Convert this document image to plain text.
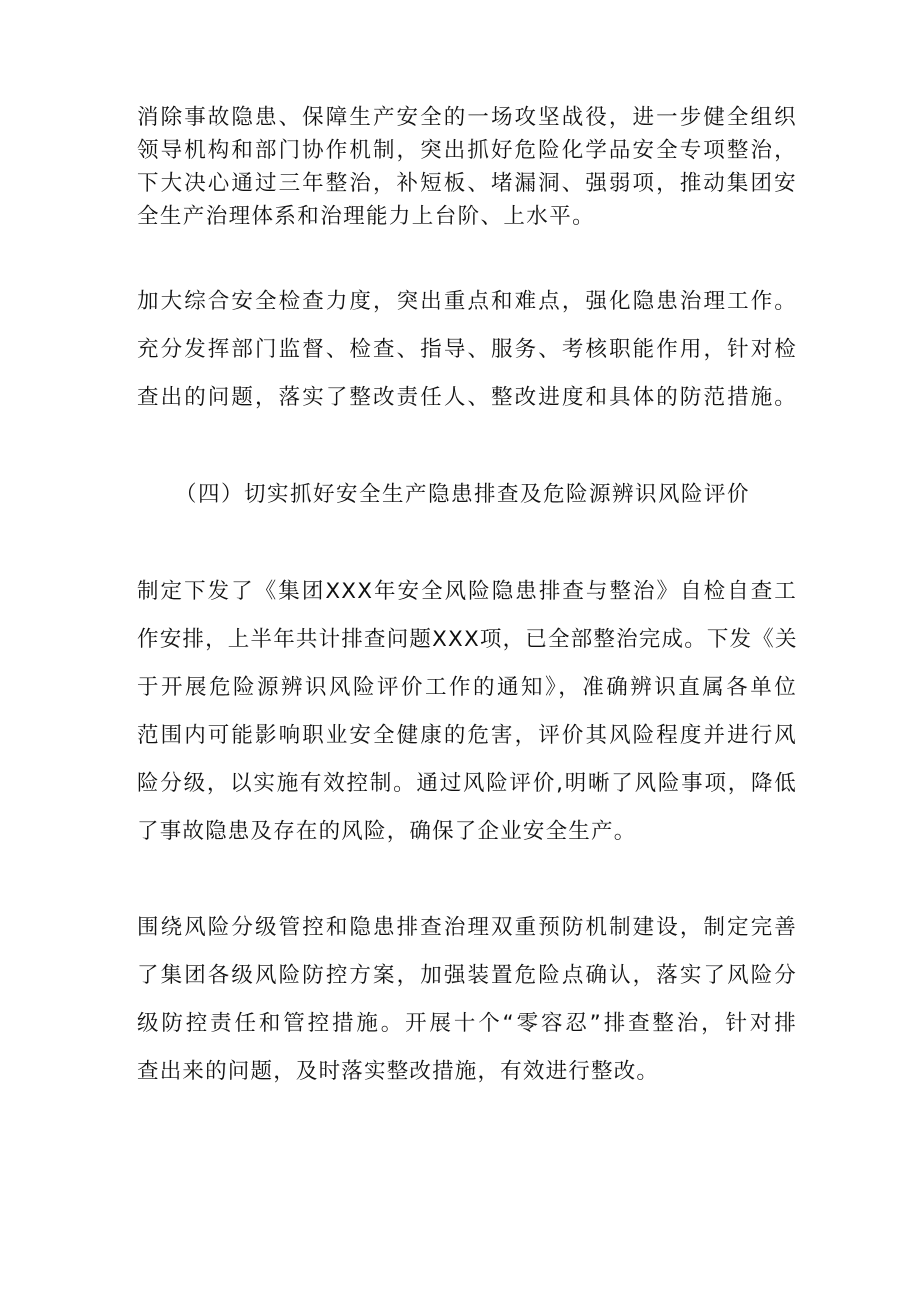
消除事故隐患、保障生产安全的一场攻坚战役，进一步健全组织
领导机构和部门协作机制，突出抓好危险化学品安全专项整治，
下大决心通过三年整治，补短板、堵漏洞、强弱项，推动集团安
全生产治理体系和治理能力上台阶、上水平。
加大综合安全检查力度，突出重点和难点，强化隐患治理工作。
充分发挥部门监督、检查、指导、服务、考核职能作用，针对检
查出的问题，落实了整改责任人、整改进度和具体的防范措施。
（四）切实抓好安全生产隐患排查及危险源辨识风险评价
制定下发了《集团XXX年安全风险隐患排查与整治》自检自查工
作安排，上半年共计排查问题XXX项，已全部整治完成。下发《关
于开展危险源辨识风险评价工作的通知》，准确辨识直属各单位
范围内可能影响职业安全健康的危害，评价其风险程度并进行风
险分级，以实施有效控制。通过风险评价,明晰了风险事项，降低
了事故隐患及存在的风险，确保了企业安全生产。
围绕风险分级管控和隐患排查治理双重预防机制建设，制定完善
了集团各级风险防控方案，加强装置危险点确认，落实了风险分
级防控责任和管控措施。开展十个“零容忍”排查整治，针对排
查出来的问题，及时落实整改措施，有效进行整改。
